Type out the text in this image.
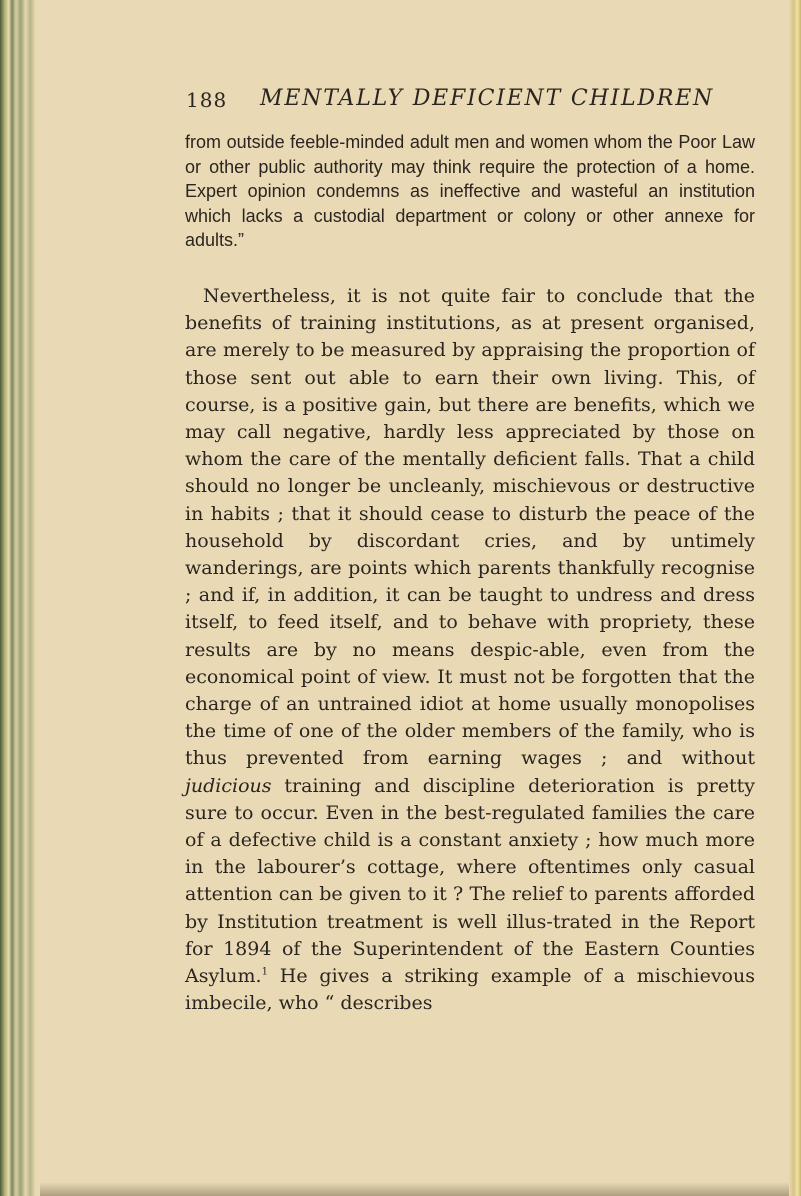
188 MENTALLY DEFICIENT CHILDREN

from outside feeble-minded adult men and women whom the Poor Law or other public authority may think require the protection of a home. Expert opinion condemns as ineffective and wasteful an institution which lacks a custodial department or colony or other annexe for adults.”

Nevertheless, it is not quite fair to conclude that the benefits of training institutions, as at present organised, are merely to be measured by appraising the proportion of those sent out able to earn their own living. This, of course, is a positive gain, but there are benefits, which we may call negative, hardly less appreciated by those on whom the care of the mentally deficient falls. That a child should no longer be uncleanly, mischievous or destructive in habits ; that it should cease to disturb the peace of the household by discordant cries, and by untimely wanderings, are points which parents thankfully recognise ; and if, in addition, it can be taught to undress and dress itself, to feed itself, and to behave with propriety, these results are by no means despic-able, even from the economical point of view. It must not be forgotten that the charge of an untrained idiot at home usually monopolises the time of one of the older members of the family, who is thus prevented from earning wages ; and without judicious training and discipline deterioration is pretty sure to occur. Even in the best-regulated families the care of a defective child is a constant anxiety ; how much more in the labourer’s cottage, where oftentimes only casual attention can be given to it ? The relief to parents afforded by Institution treatment is well illus-trated in the Report for 1894 of the Superintendent of the Eastern Counties Asylum.$^1$ He gives a striking example of a mischievous imbecile, who “ describes
